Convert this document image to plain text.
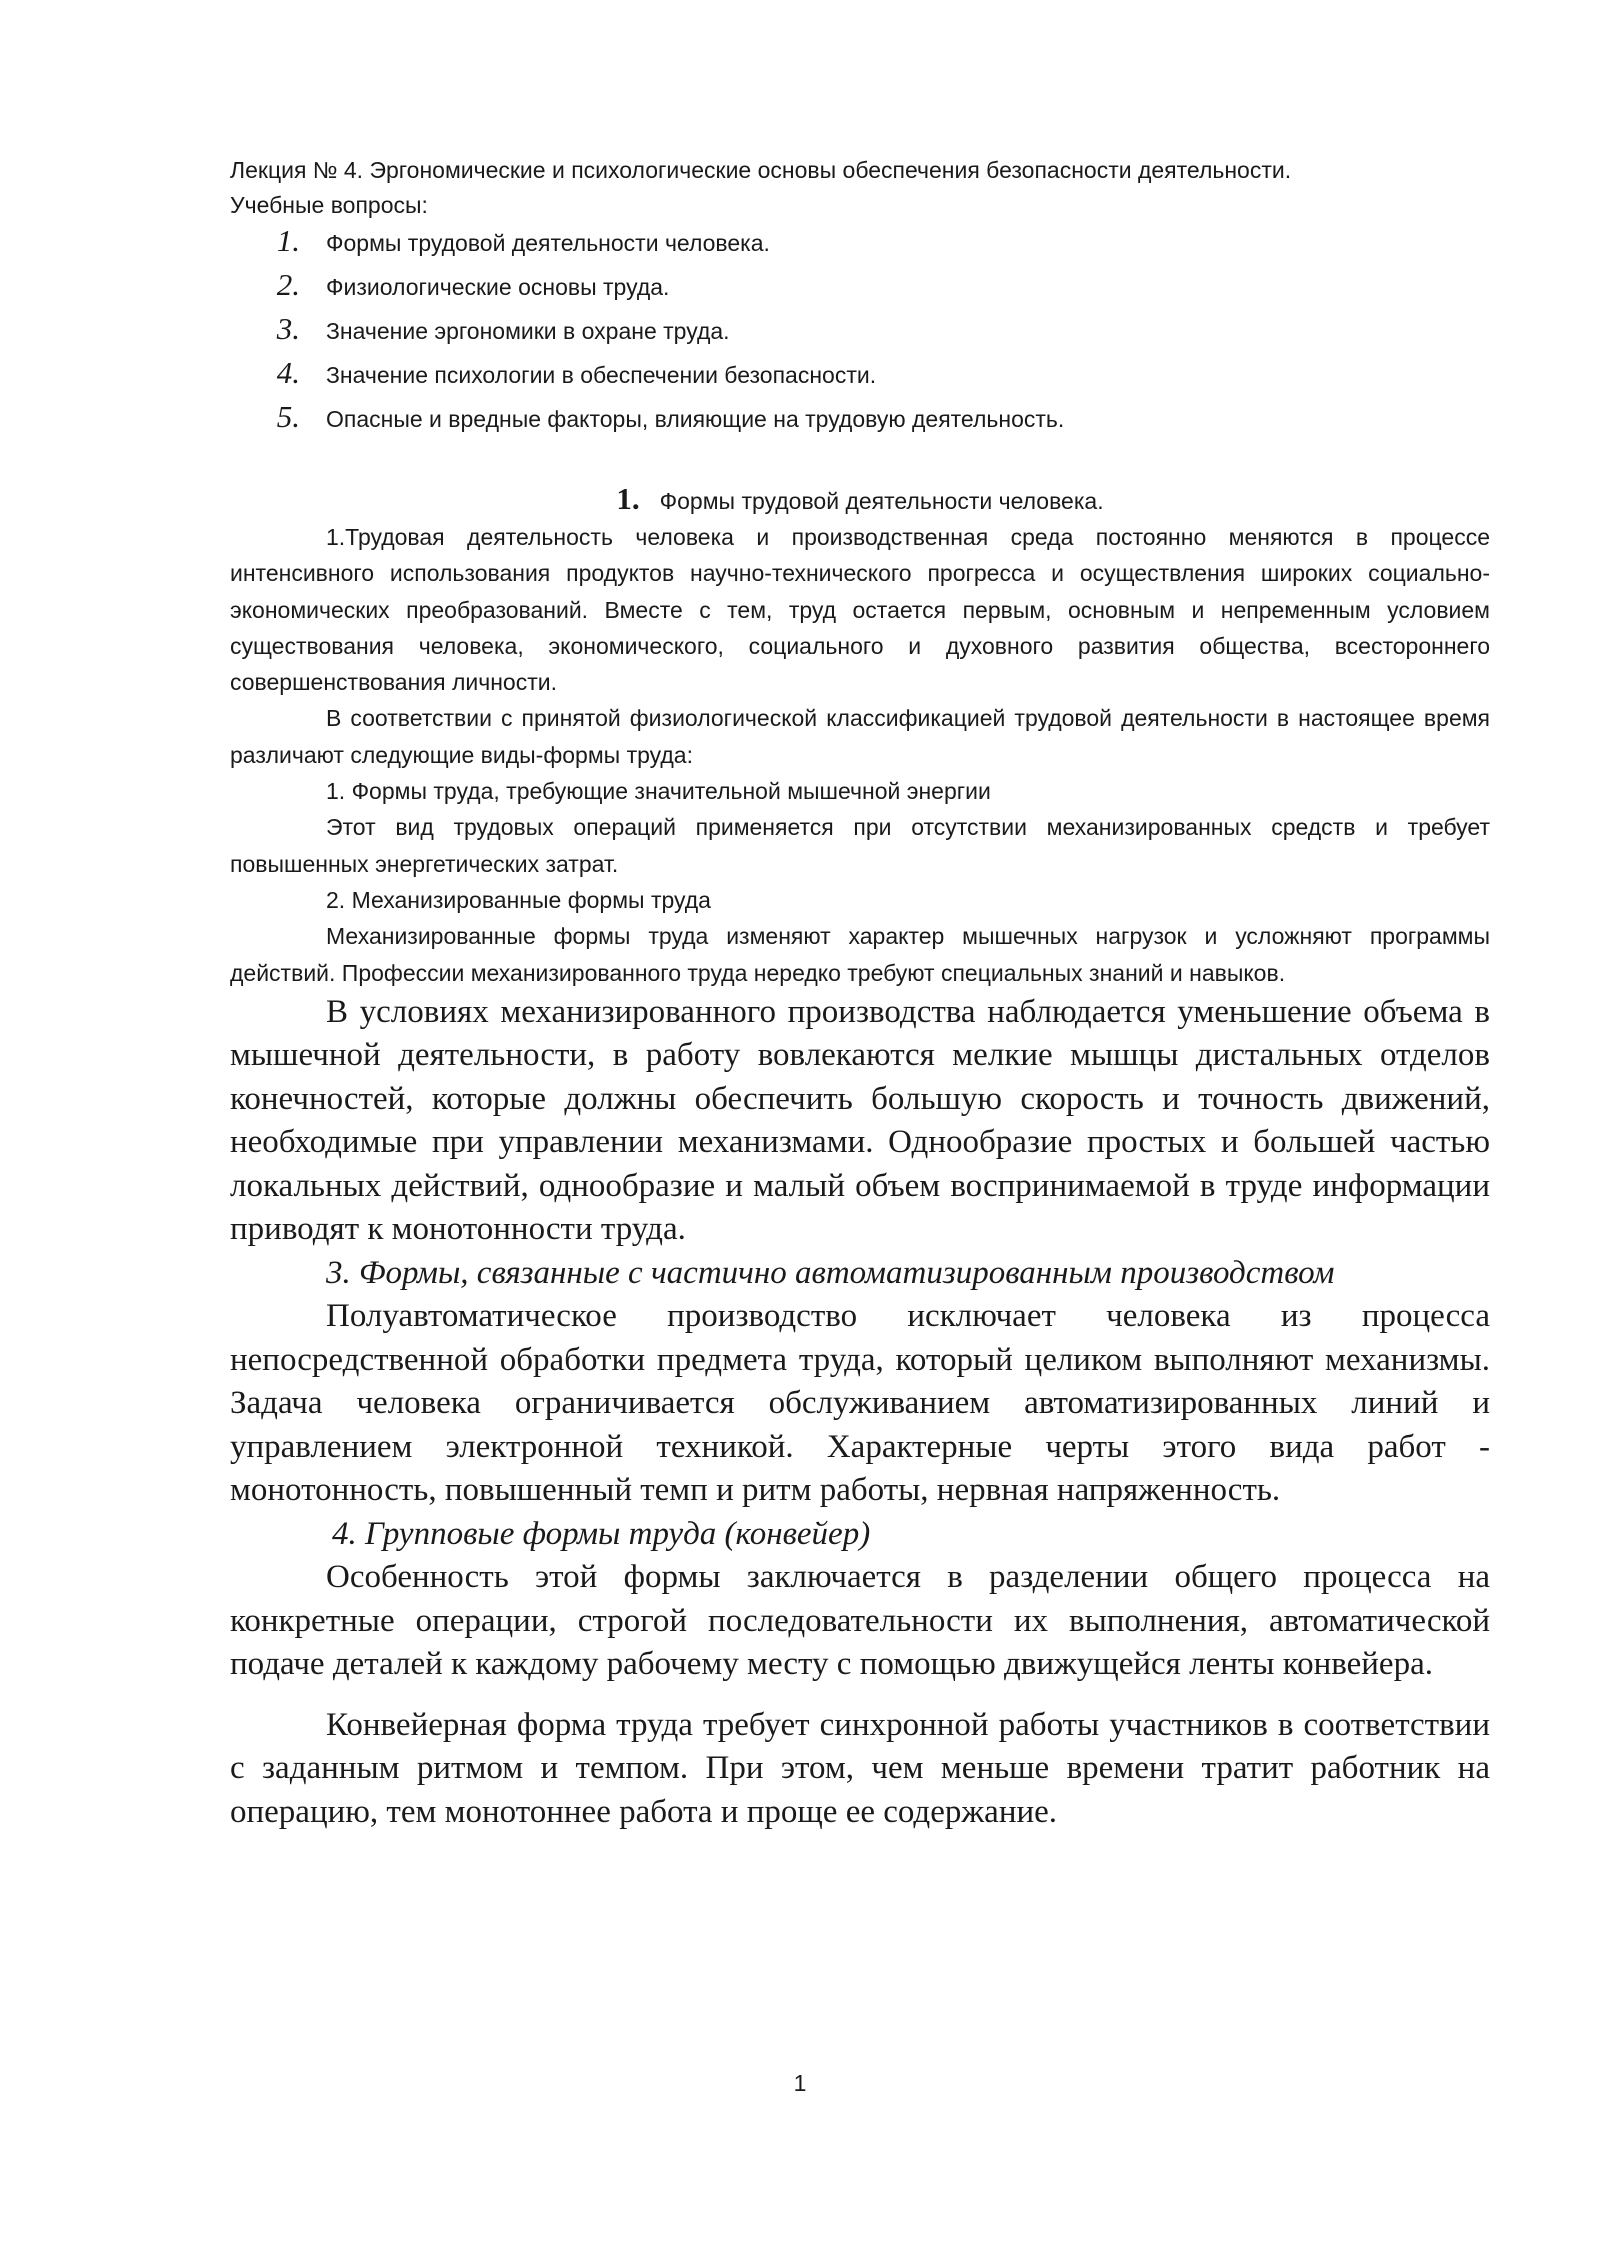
Лекция № 4. Эргономические и психологические основы обеспечения безопасности деятельности.

Учебные вопросы:

1.	Формы трудовой деятельности человека.
2.	Физиологические основы труда.
3.	Значение эргономики в охране труда.
4.	Значение психологии в обеспечении безопасности.
5.	Опасные и вредные факторы, влияющие на трудовую деятельность.
1. Формы трудовой деятельности человека.

1.Трудовая деятельность человека и производственная среда постоянно меняются в процессе интенсивного использования продуктов научно-технического прогресса и осуществления широких социально-экономических преобразований. Вместе с тем, труд остается первым, основным и непременным условием существования человека, экономического, социального и духовного развития общества, всестороннего совершенствования личности.

В соответствии с принятой физиологической классификацией трудовой деятельности в настоящее время различают следующие виды-формы труда:

1. Формы труда, требующие значительной мышечной энергии

Этот вид трудовых операций применяется при отсутствии механизированных средств и требует повышенных энергетических затрат.

2. Механизированные формы труда

Механизированные формы труда изменяют характер мышечных нагрузок и усложняют программы действий. Профессии механизированного труда нередко требуют специальных знаний и навыков.

В условиях механизированного производства наблюдается уменьшение объема в мышечной деятельности, в работу вовлекаются мелкие мышцы дистальных отделов конечностей, которые должны обеспечить большую скорость и точность движений, необходимые при управлении механизмами. Однообразие простых и большей частью локальных действий, однообразие и малый объем воспринимаемой в труде информации приводят к монотонности труда.

3. Формы, связанные с частично автоматизированным производством

Полуавтоматическое производство исключает человека из процесса непосредственной обработки предмета труда, который целиком выполняют механизмы. Задача человека ограничивается обслуживанием автоматизированных линий и управлением электронной техникой. Характерные черты этого вида работ - монотонность, повышенный темп и ритм работы, нервная напряженность.

4. Групповые формы труда (конвейер)

Особенность этой формы заключается в разделении общего процесса на конкретные операции, строгой последовательности их выполнения, автоматической подаче деталей к каждому рабочему месту с помощью движущейся ленты конвейера.

Конвейерная форма труда требует синхронной работы участников в соответствии с заданным ритмом и темпом. При этом, чем меньше времени тратит работник на операцию, тем монотоннее работа и проще ее содержание.

1
